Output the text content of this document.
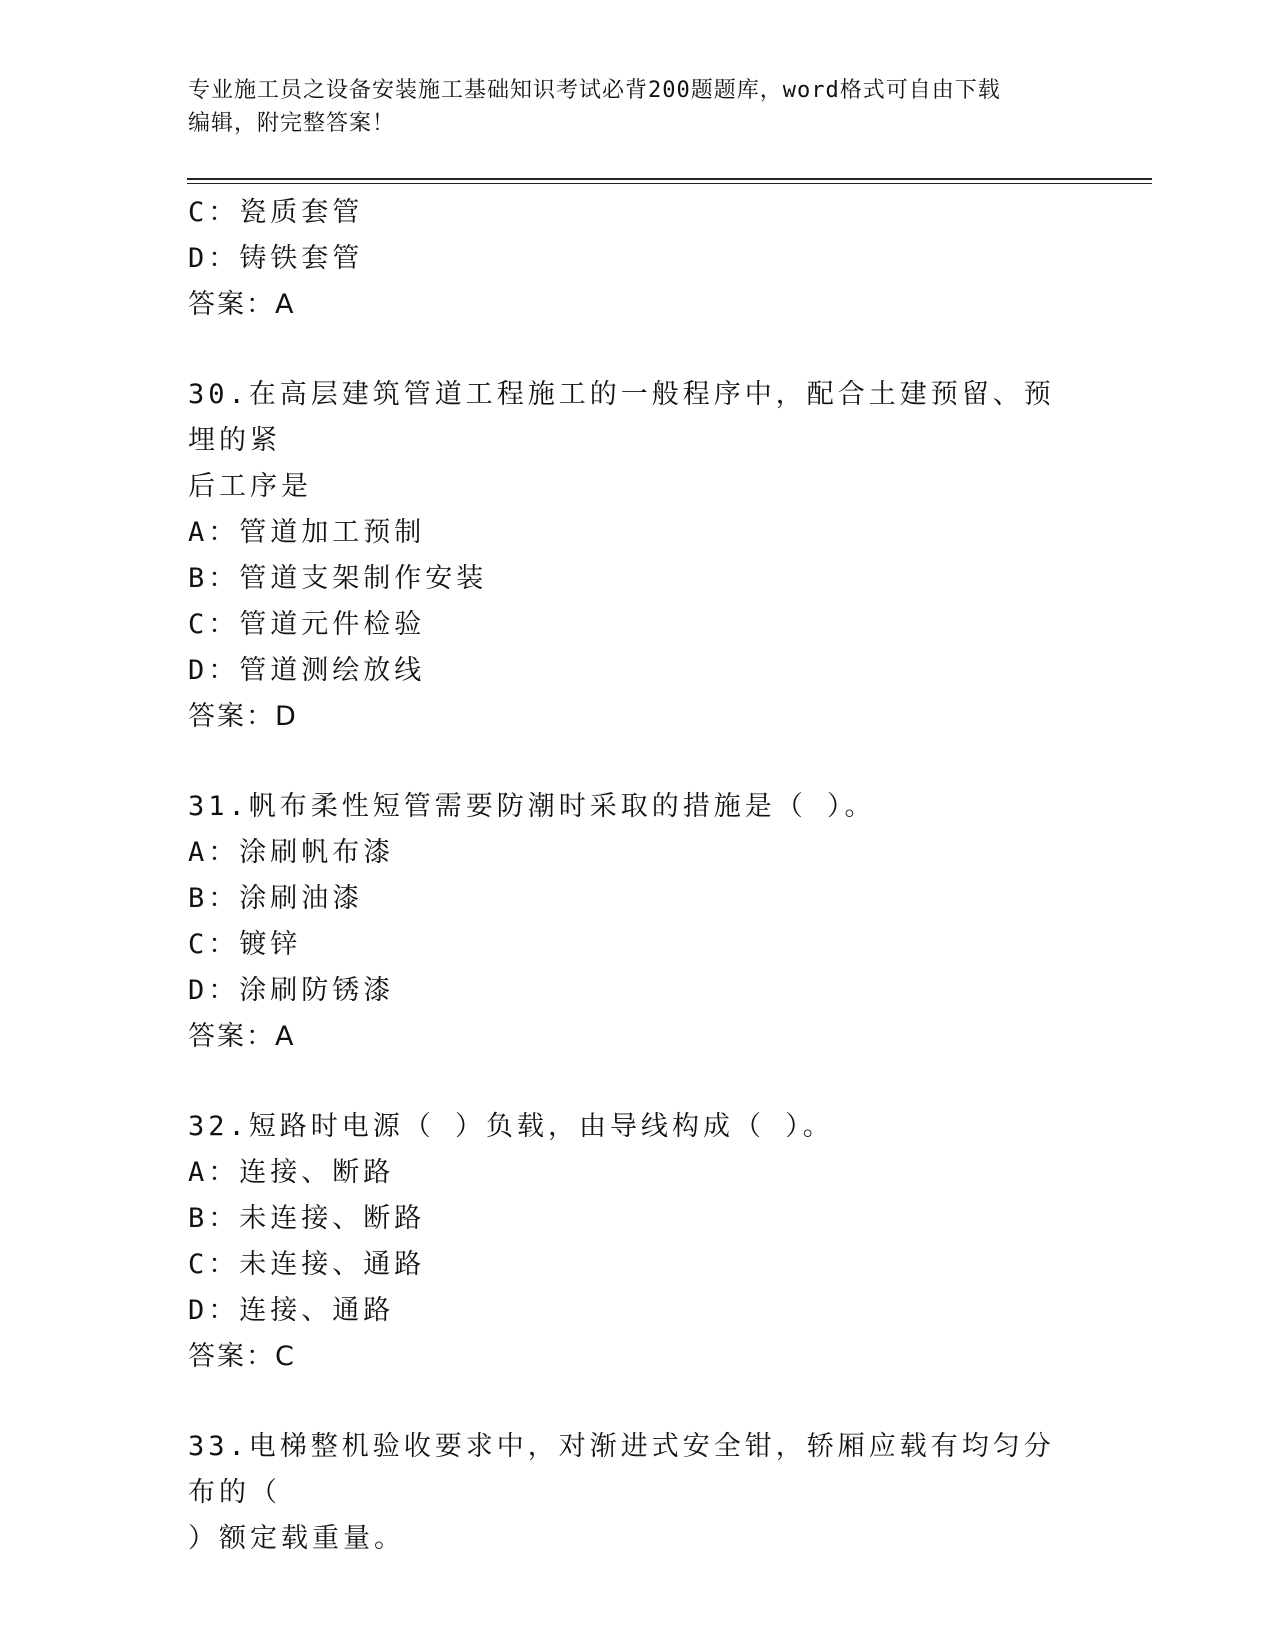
专业施工员之设备安装施工基础知识考试必背200题题库，word格式可自由下载
编辑，附完整答案！
C：瓷质套管
D：铸铁套管
答案：A
30.在高层建筑管道工程施工的一般程序中，配合土建预留、预埋的紧
后工序是
A：管道加工预制
B：管道支架制作安装
C：管道元件检验
D：管道测绘放线
答案：D
31.帆布柔性短管需要防潮时采取的措施是（ ）。
A：涂刷帆布漆
B：涂刷油漆
C：镀锌
D：涂刷防锈漆
答案：A
32.短路时电源（ ）负载，由导线构成（ ）。
A：连接、断路
B：未连接、断路
C：未连接、通路
D：连接、通路
答案：C
33.电梯整机验收要求中，对渐进式安全钳，轿厢应载有均匀分布的（
）额定载重量。
